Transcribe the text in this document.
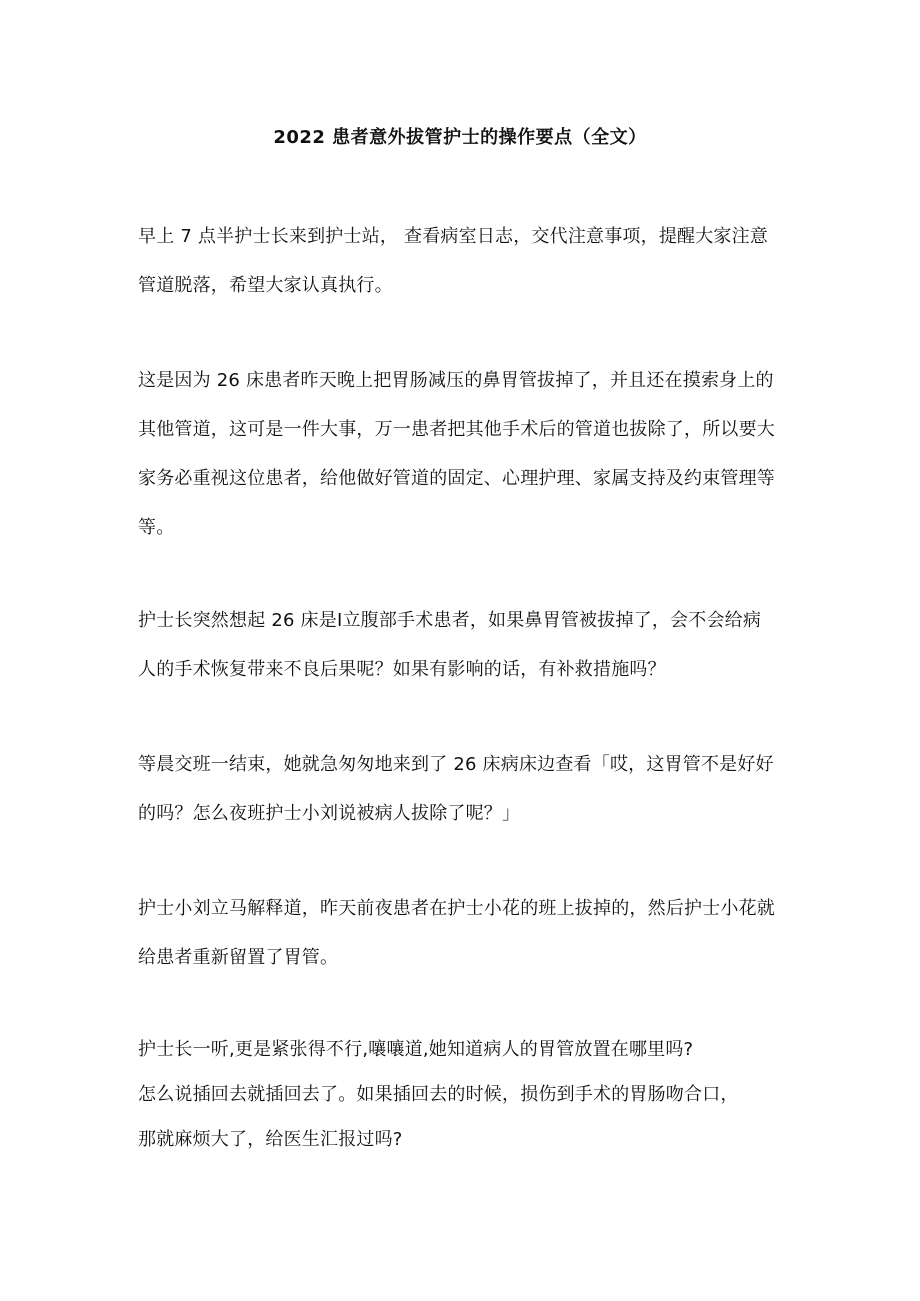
2022 患者意外拔管护士的操作要点（全文）
早上 7 点半护士长来到护士站， 查看病室日志，交代注意事项，提醒大家注意
管道脱落，希望大家认真执行。
这是因为 26 床患者昨天晚上把胃肠减压的鼻胃管拔掉了，并且还在摸索身上的
其他管道，这可是一件大事，万一患者把其他手术后的管道也拔除了，所以要大
家务必重视这位患者，给他做好管道的固定、心理护理、家属支持及约束管理等
等。
护士长突然想起 26 床是Ⅰ立腹部手术患者，如果鼻胃管被拔掉了，会不会给病
人的手术恢复带来不良后果呢？如果有影响的话，有补救措施吗？
等晨交班一结束，她就急匆匆地来到了 26 床病床边查看「哎，这胃管不是好好
的吗？怎么夜班护士小刘说被病人拔除了呢？」
护士小刘立马解释道，昨天前夜患者在护士小花的班上拔掉的，然后护士小花就
给患者重新留置了胃管。
护士长一听,更是紧张得不行,嚷嚷道,她知道病人的胃管放置在哪里吗?
怎么说插回去就插回去了。如果插回去的时候，损伤到手术的胃肠吻合口，
那就麻烦大了，给医生汇报过吗?
